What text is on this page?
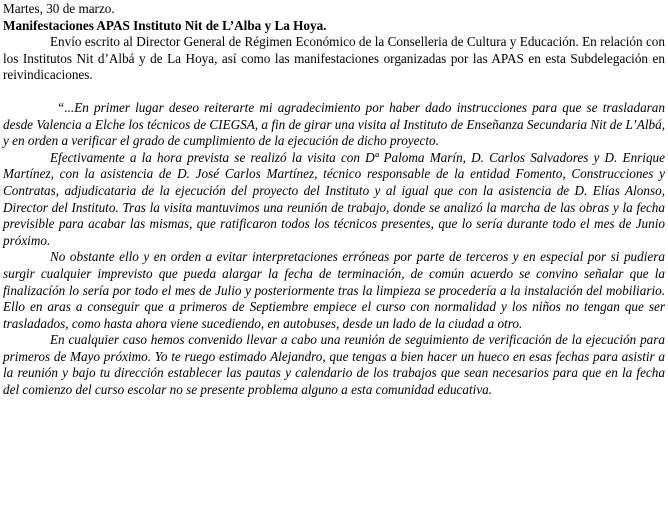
Martes, 30 de marzo.

Manifestaciones APAS Instituto Nit de L’Alba y La Hoya.

Envío escrito al Director General de Régimen Económico de la Conselleria de Cultura y Educación. En relación con los Institutos Nit d’Albá y de La Hoya, así como las manifestaciones organizadas por las APAS en esta Subdelegación en reivindicaciones.

“...En primer lugar deseo reiterarte mi agradecimiento por haber dado instrucciones para que se trasladaran desde Valencia a Elche los técnicos de CIEGSA, a fin de girar una visita al Instituto de Enseñanza Secundaria Nit de L’Albá, y en orden a verificar el grado de cumplimiento de la ejecución de dicho proyecto.

Efectivamente a la hora prevista se realizó la visita con Dª Paloma Marín, D. Carlos Salvadores y D. Enrique Martínez, con la asistencia de D. José Carlos Martínez, técnico responsable de la entidad Fomento, Construcciones y Contratas, adjudicataria de la ejecución del proyecto del Instituto y al igual que con la asistencia de D. Elías Alonso, Director del Instituto. Tras la visita mantuvimos una reunión de trabajo, donde se analizó la marcha de las obras y la fecha previsible para acabar las mismas, que ratificaron todos los técnicos presentes, que lo sería durante todo el mes de Junio próximo.

No obstante ello y en orden a evitar interpretaciones erróneas por parte de terceros y en especial por si pudiera surgir cualquier imprevisto que pueda alargar la fecha de terminación, de común acuerdo se convino señalar que la finalizacíón lo sería por todo el mes de Julio y posteriormente tras la limpieza se procedería a la instalación del mobiliario. Ello en aras a conseguir que a primeros de Septiembre empiece el curso con normalidad y los niños no tengan que ser trasladados, como hasta ahora viene sucediendo, en autobuses, desde un lado de la ciudad a otro.

En cualquier caso hemos convenido llevar a cabo una reunión de seguimiento de verificación de la ejecución para primeros de Mayo próximo. Yo te ruego estimado Alejandro, que tengas a bien hacer un hueco en esas fechas para asistir a la reunión y bajo tu dirección establecer las pautas y calendario de los trabajos que sean necesarios para que en la fecha del comienzo del curso escolar no se presente problema alguno a esta comunidad educativa.
